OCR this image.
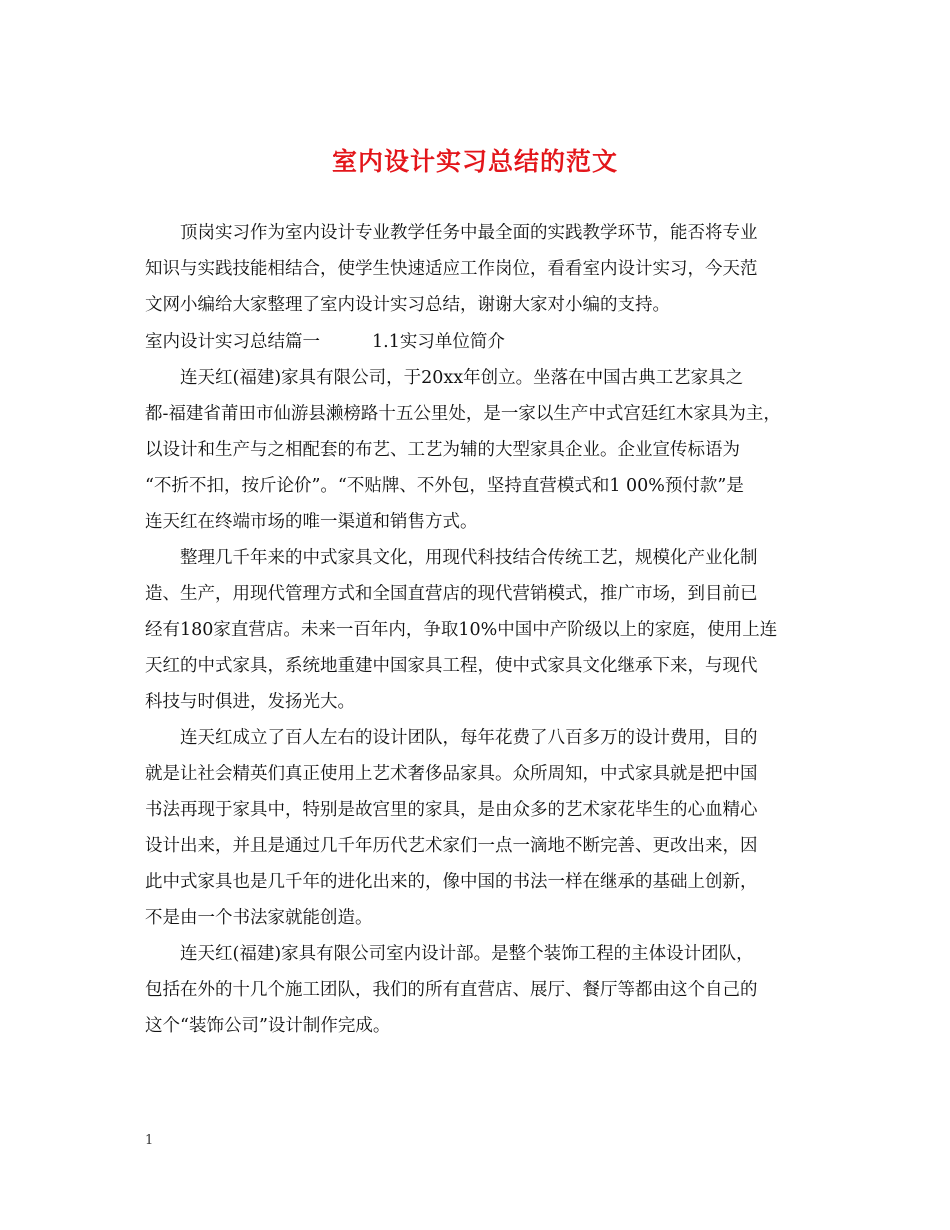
室内设计实习总结的范文
顶岗实习作为室内设计专业教学任务中最全面的实践教学环节，能否将专业
知识与实践技能相结合，使学生快速适应工作岗位，看看室内设计实习，今天范
文网小编给大家整理了室内设计实习总结，谢谢大家对小编的支持。
室内设计实习总结篇一	1.1实习单位简介
连天红(福建)家具有限公司，于20xx年创立。坐落在中国古典工艺家具之
都-福建省莆田市仙游县濑榜路十五公里处，是一家以生产中式宫廷红木家具为主，
以设计和生产与之相配套的布艺、工艺为辅的大型家具企业。企业宣传标语为
“不折不扣，按斤论价”。“不贴牌、不外包，坚持直营模式和1 00%预付款”是
连天红在终端市场的唯一渠道和销售方式。
整理几千年来的中式家具文化，用现代科技结合传统工艺，规模化产业化制
造、生产，用现代管理方式和全国直营店的现代营销模式，推广市场，到目前已
经有180家直营店。未来一百年内，争取10%中国中产阶级以上的家庭，使用上连
天红的中式家具，系统地重建中国家具工程，使中式家具文化继承下来，与现代
科技与时俱进，发扬光大。
连天红成立了百人左右的设计团队，每年花费了八百多万的设计费用，目的
就是让社会精英们真正使用上艺术奢侈品家具。众所周知，中式家具就是把中国
书法再现于家具中，特别是故宫里的家具，是由众多的艺术家花毕生的心血精心
设计出来，并且是通过几千年历代艺术家们一点一滴地不断完善、更改出来，因
此中式家具也是几千年的进化出来的，像中国的书法一样在继承的基础上创新，
不是由一个书法家就能创造。
连天红(福建)家具有限公司室内设计部。是整个装饰工程的主体设计团队，
包括在外的十几个施工团队，我们的所有直营店、展厅、餐厅等都由这个自己的
这个“装饰公司”设计制作完成。
1
